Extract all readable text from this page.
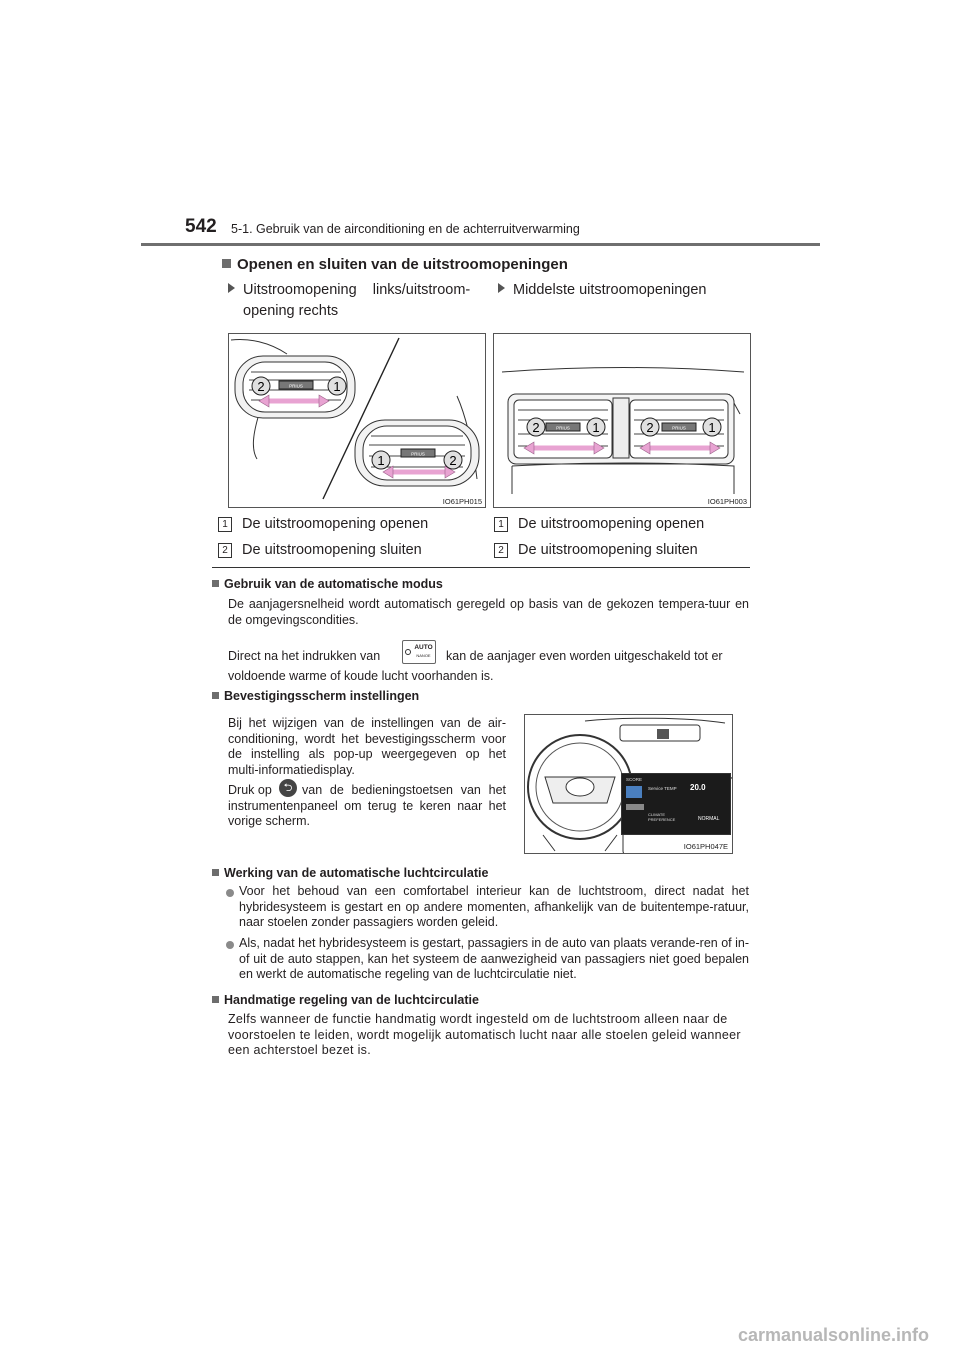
542 5-1. Gebruik van de airconditioning en de achterruitverwarming
Openen en sluiten van de uitstroomopeningen
Uitstroomopening    links/uitstroom-
opening rechts
Middelste uitstroomopeningen
PRIUS
2	1
PRIUS
1	2
IO61PH015
PRIUS	PRIUS
2	1	2	1
IO61PH003
1 De uitstroomopening openen
2 De uitstroomopening sluiten
1 De uitstroomopening openen
2 De uitstroomopening sluiten
Gebruik van de automatische modus
De aanjagersnelheid wordt automatisch geregeld op basis van de gekozen tempera-tuur en de omgevingscondities.
Direct na het indrukken van
AUTO
NANOE kan de aanjager even worden uitgeschakeld tot er
voldoende warme of koude lucht voorhanden is.
Bevestigingsscherm instellingen
Bij het wijzigen van de instellingen van de air-conditioning, wordt het bevestigingsscherm voor de instelling als pop-up weergegeven op het multi-informatiedisplay.
Druk op	⮌ van de bedieningstoetsen van het instrumentenpaneel om terug te keren naar het vorige scherm.
SCORE
Service TEMP 20.0
CLIMATE PREFERENCE	NORMAL
IO61PH047E
Werking van de automatische luchtcirculatie
Voor het behoud van een comfortabel interieur kan de luchtstroom, direct nadat het hybridesysteem is gestart en op andere momenten, afhankelijk van de buitentempe-ratuur, naar stoelen zonder passagiers worden geleid.
Als, nadat het hybridesysteem is gestart, passagiers in de auto van plaats verande-ren of in- of uit de auto stappen, kan het systeem de aanwezigheid van passagiers niet goed bepalen en werkt de automatische regeling van de luchtcirculatie niet.
Handmatige regeling van de luchtcirculatie
Zelfs wanneer de functie handmatig wordt ingesteld om de luchtstroom alleen naar de voorstoelen te leiden, wordt mogelijk automatisch lucht naar alle stoelen geleid wanneer een achterstoel bezet is.
carmanualsonline.info
